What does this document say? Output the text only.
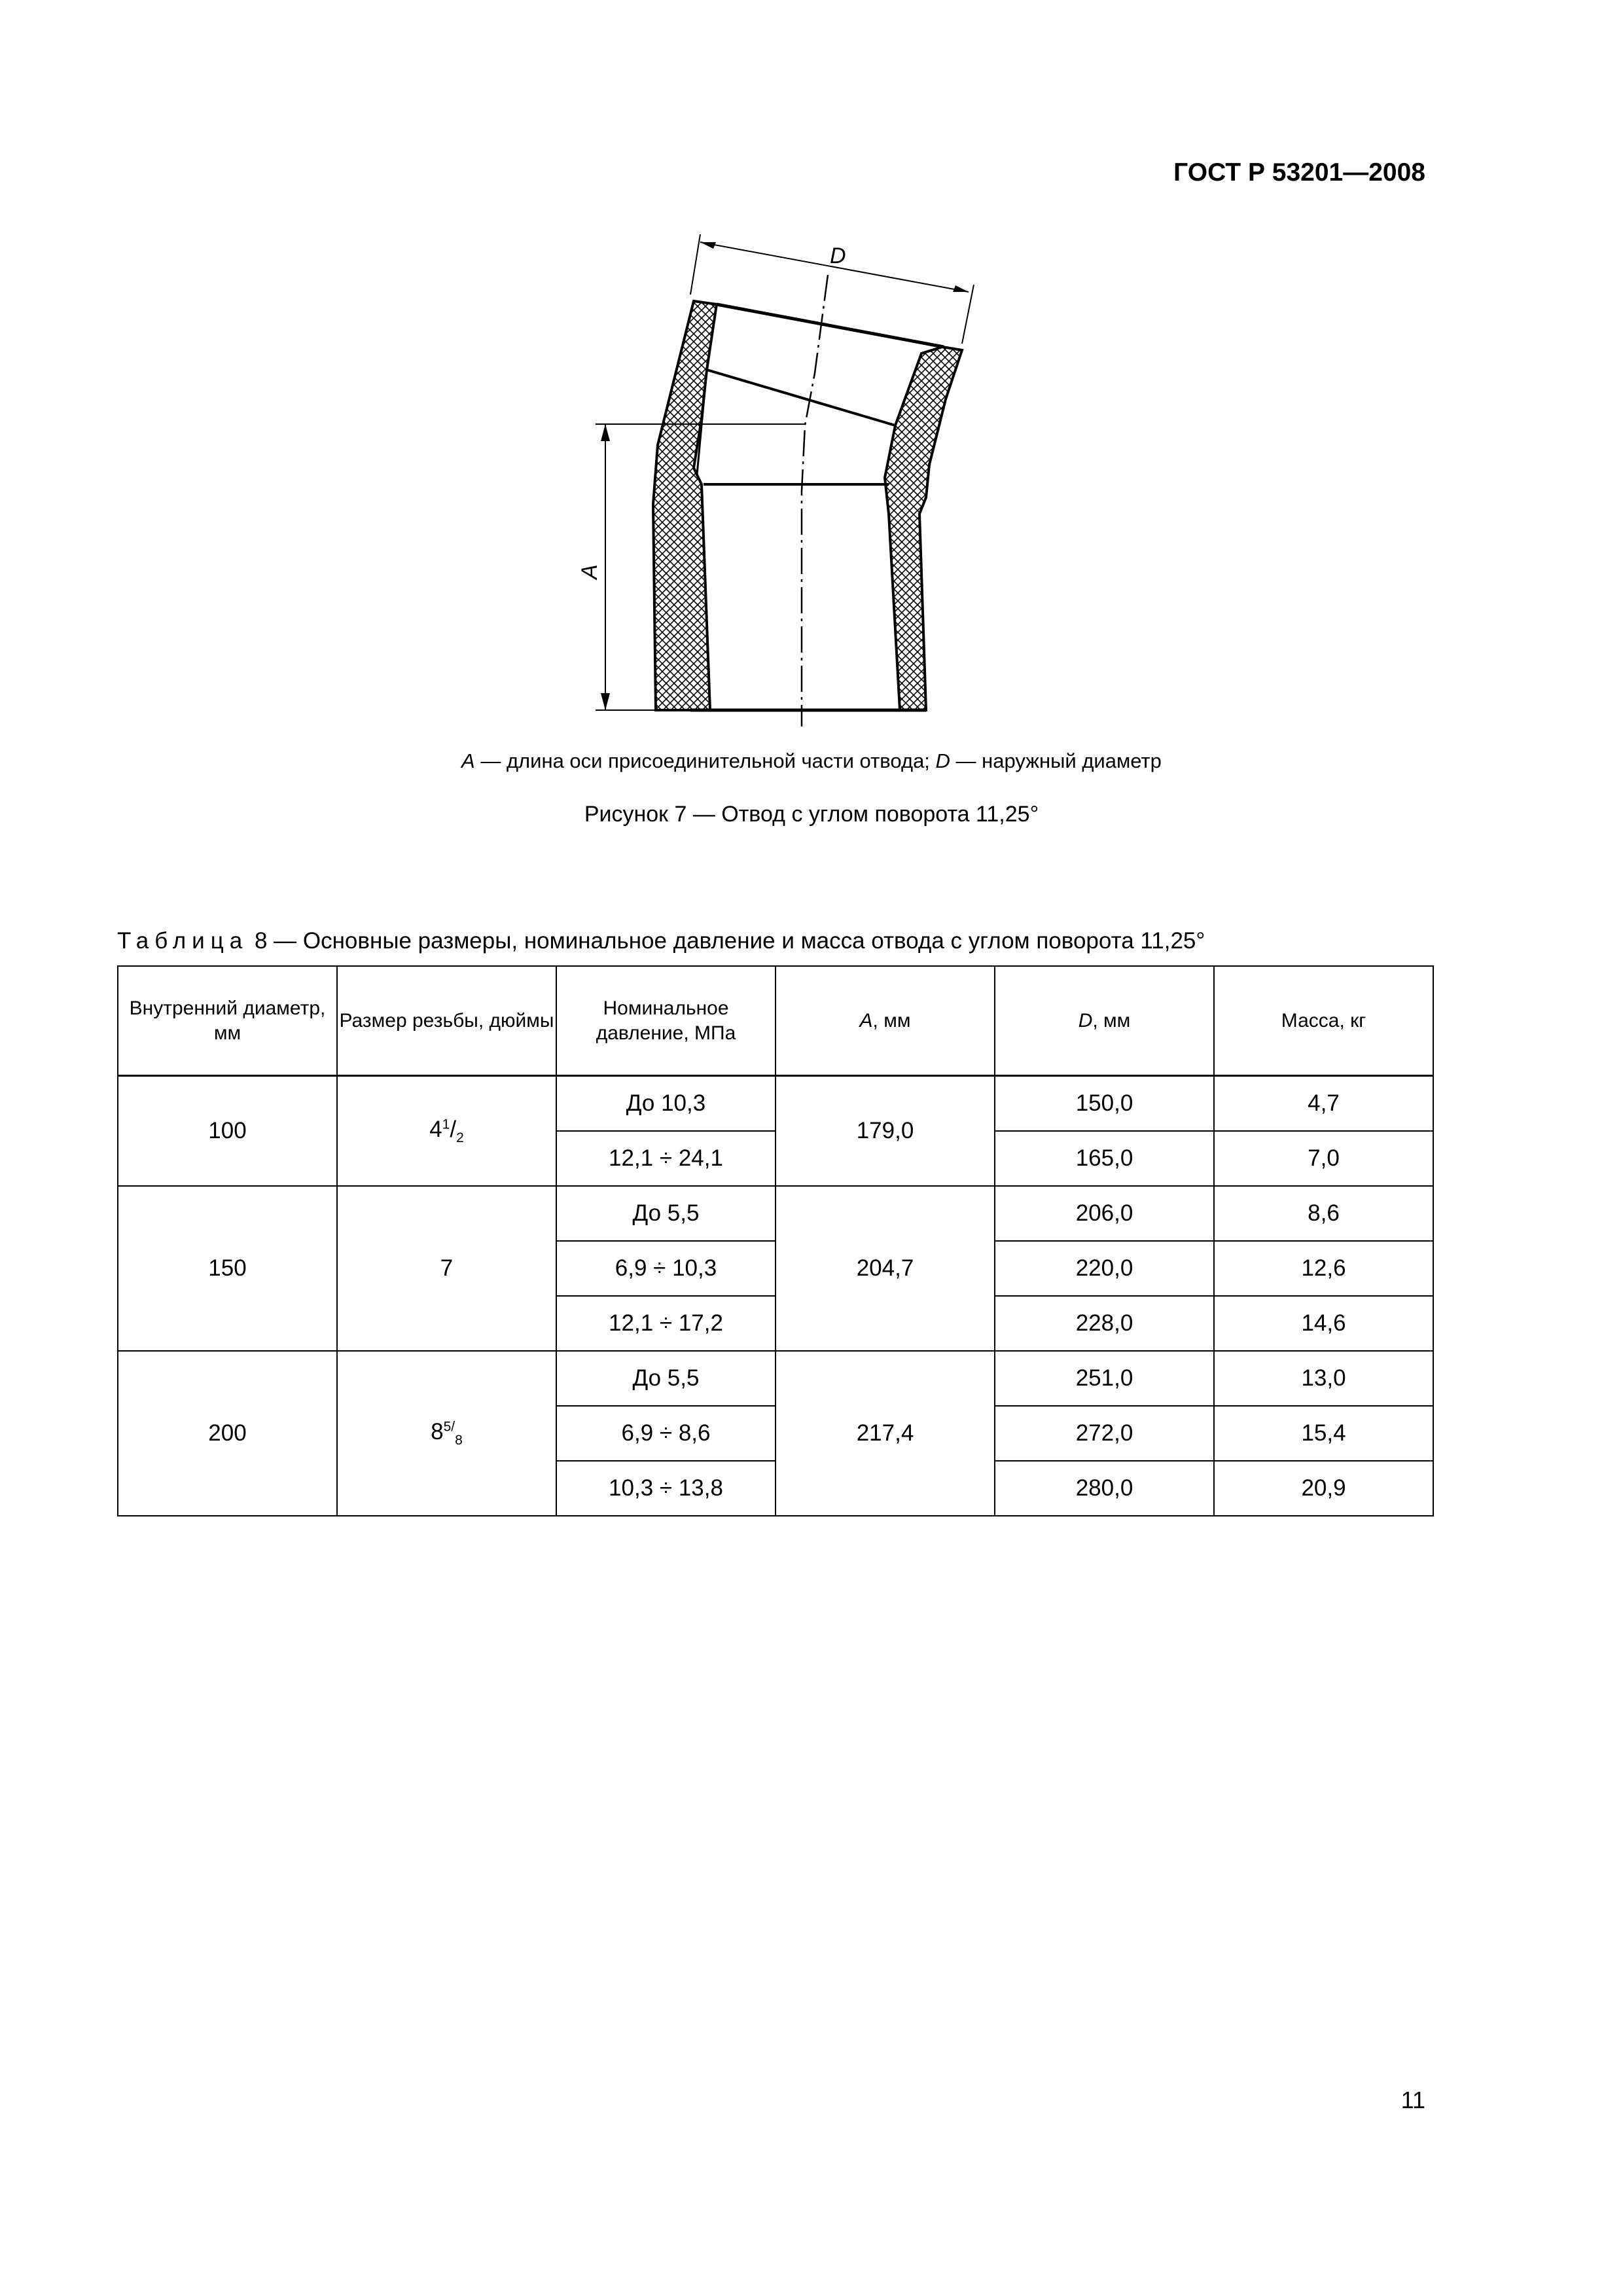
ГОСТ Р 53201—2008
D
A
A — длина оси присоединительной части отвода; D — наружный диаметр
Рисунок 7 — Отвод с углом поворота 11,25°
Таблица 8 — Основные размеры, номинальное давление и масса отвода с углом поворота 11,25°
Внутренний диаметр, мм	Размер резьбы, дюймы	Номинальное давление, МПа	A, мм	D, мм	Масса, кг
100	$4^1/_2$	До 10,3	179,0	150,0	4,7
		12,1 ÷ 24,1		165,0	7,0
150	7	До 5,5	204,7	206,0	8,6
		6,9 ÷ 10,3		220,0	12,6
		12,1 ÷ 17,2		228,0	14,6
200	$8^{5/}_8$	До 5,5	217,4	251,0	13,0
		6,9 ÷ 8,6		272,0	15,4
		10,3 ÷ 13,8		280,0	20,9
11
